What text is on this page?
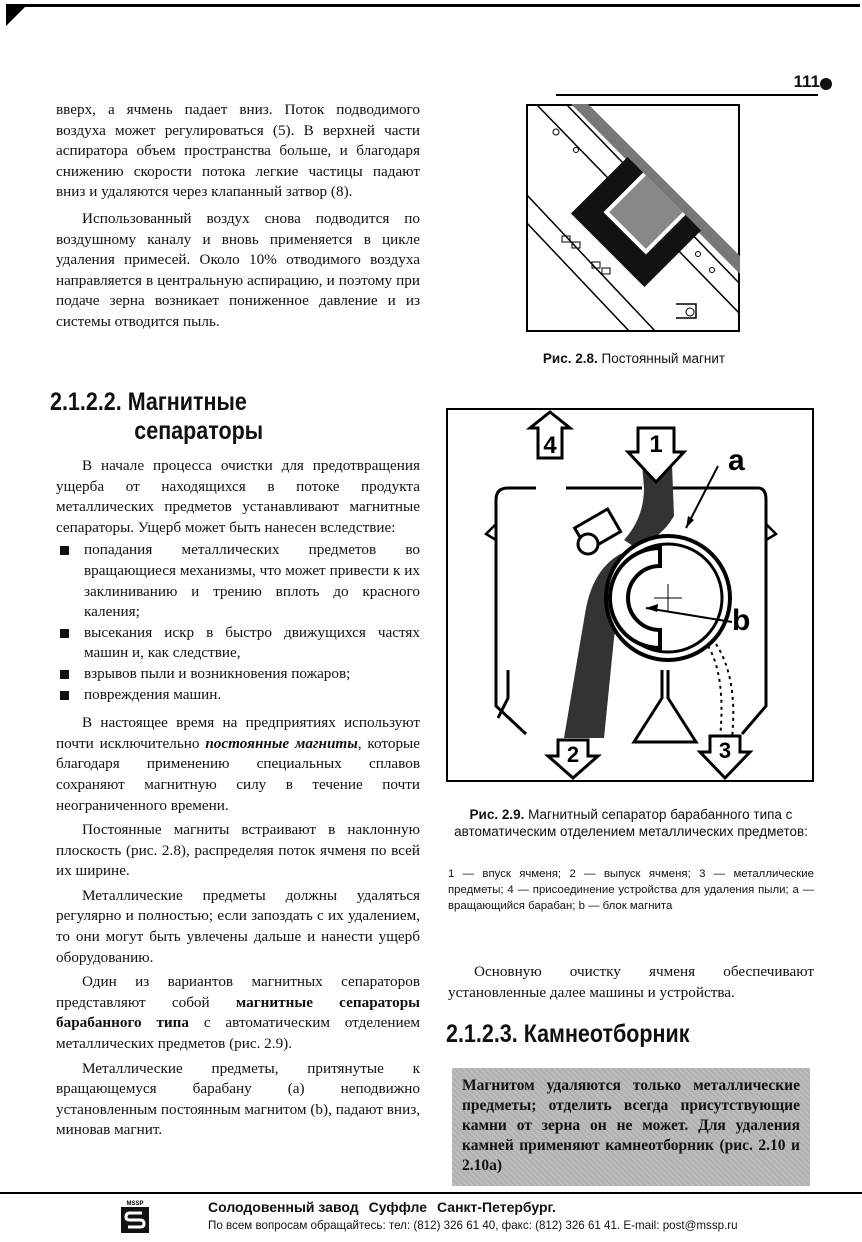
111

вверх, а ячмень падает вниз. Поток подводимого воздуха может регулироваться (5). В верхней части аспиратора объем пространства больше, и благодаря снижению скорости потока легкие частицы падают вниз и удаляются через клапанный затвор (8).

Использованный воздух снова подводится по воздушному каналу и вновь применяется в цикле удаления примесей. Около 10% отводимого воздуха направляется в центральную аспирацию, и поэтому при подаче зерна возникает пониженное давление и из системы отводится пыль.

2.1.2.2. Магнитные
сепараторы

В начале процесса очистки для предотвращения ущерба от находящихся в потоке продукта металлических предметов устанавливают магнитные сепараторы. Ущерб может быть нанесен вследствие:

попадания металлических предметов во вращающиеся механизмы, что может привести к их заклиниванию и трению вплоть до красного каления;
высекания искр в быстро движущихся частях машин и, как следствие,
взрывов пыли и возникновения пожаров;
повреждения машин.

В настоящее время на предприятиях используют почти исключительно постоянные магниты, которые благодаря применению специальных сплавов сохраняют магнитную силу в течение почти неограниченного времени.

Постоянные магниты встраивают в наклонную плоскость (рис. 2.8), распределяя поток ячменя по всей их ширине.

Металлические предметы должны удаляться регулярно и полностью; если запоздать с их удалением, то они могут быть увлечены дальше и нанести ущерб оборудованию.

Один из вариантов магнитных сепараторов представляют собой магнитные сепараторы барабанного типа с автоматическим отделением металлических предметов (рис. 2.9).

Металлические предметы, притянутые к вращающемуся барабану (а) неподвижно установленным постоянным магнитом (b), падают вниз, миновав магнит.

Рис. 2.8. Постоянный магнит
4	1
2	3
a
b
Рис. 2.9. Магнитный сепаратор барабанного типа с автоматическим отделением металлических предметов:
1 — впуск ячменя; 2 — выпуск ячменя; 3 — металлические предметы; 4 — присоединение устройства для удаления пыли; a — вращающийся барабан; b — блок магнита

Основную очистку ячменя обеспечивают установленные далее машины и устройства.

2.1.2.3. Камнеотборник
Магнитом удаляются только металлические предметы; отделить всегда присутствующие камни от зерна он не может. Для удаления камней применяют камнеотборник (рис. 2.10 и 2.10а)
MSSP	Солодовенный завод Суффле Санкт-Петербург.
По всем вопросам обращайтесь: тел: (812) 326 61 40, факс: (812) 326 61 41. E-mail: post@mssp.ru
